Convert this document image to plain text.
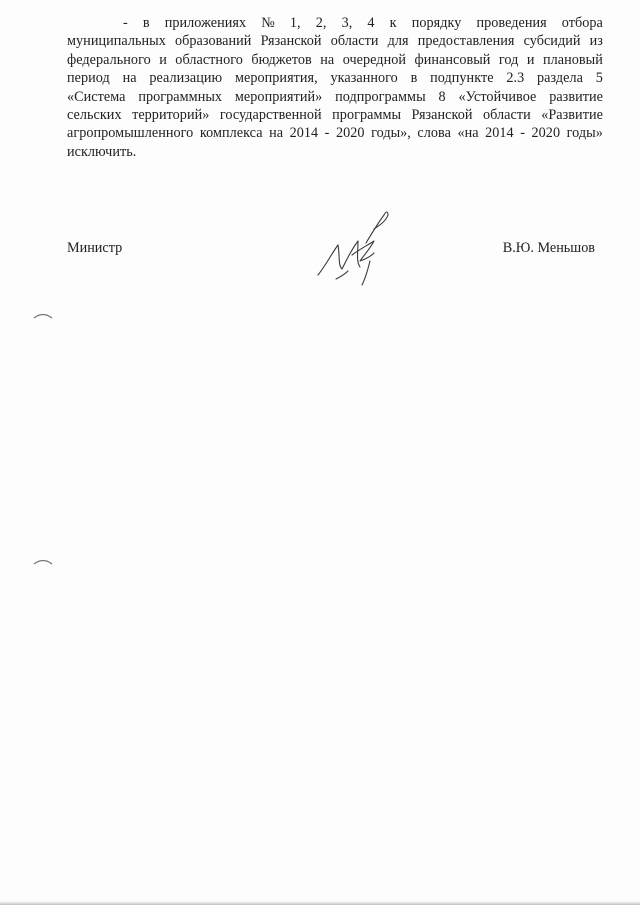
- в приложениях № 1, 2, 3, 4 к порядку проведения отбора
муниципальных образований Рязанской области для предоставления субсидий из
федерального и областного бюджетов на очередной финансовый год и плановый
период на реализацию мероприятия, указанного в подпункте 2.3 раздела 5
«Система программных мероприятий» подпрограммы 8 «Устойчивое развитие
сельских территорий» государственной программы Рязанской области «Развитие
агропромышленного комплекса на 2014 - 2020 годы», слова «на 2014 - 2020 годы»
исключить.
Министр	В.Ю. Меньшов
